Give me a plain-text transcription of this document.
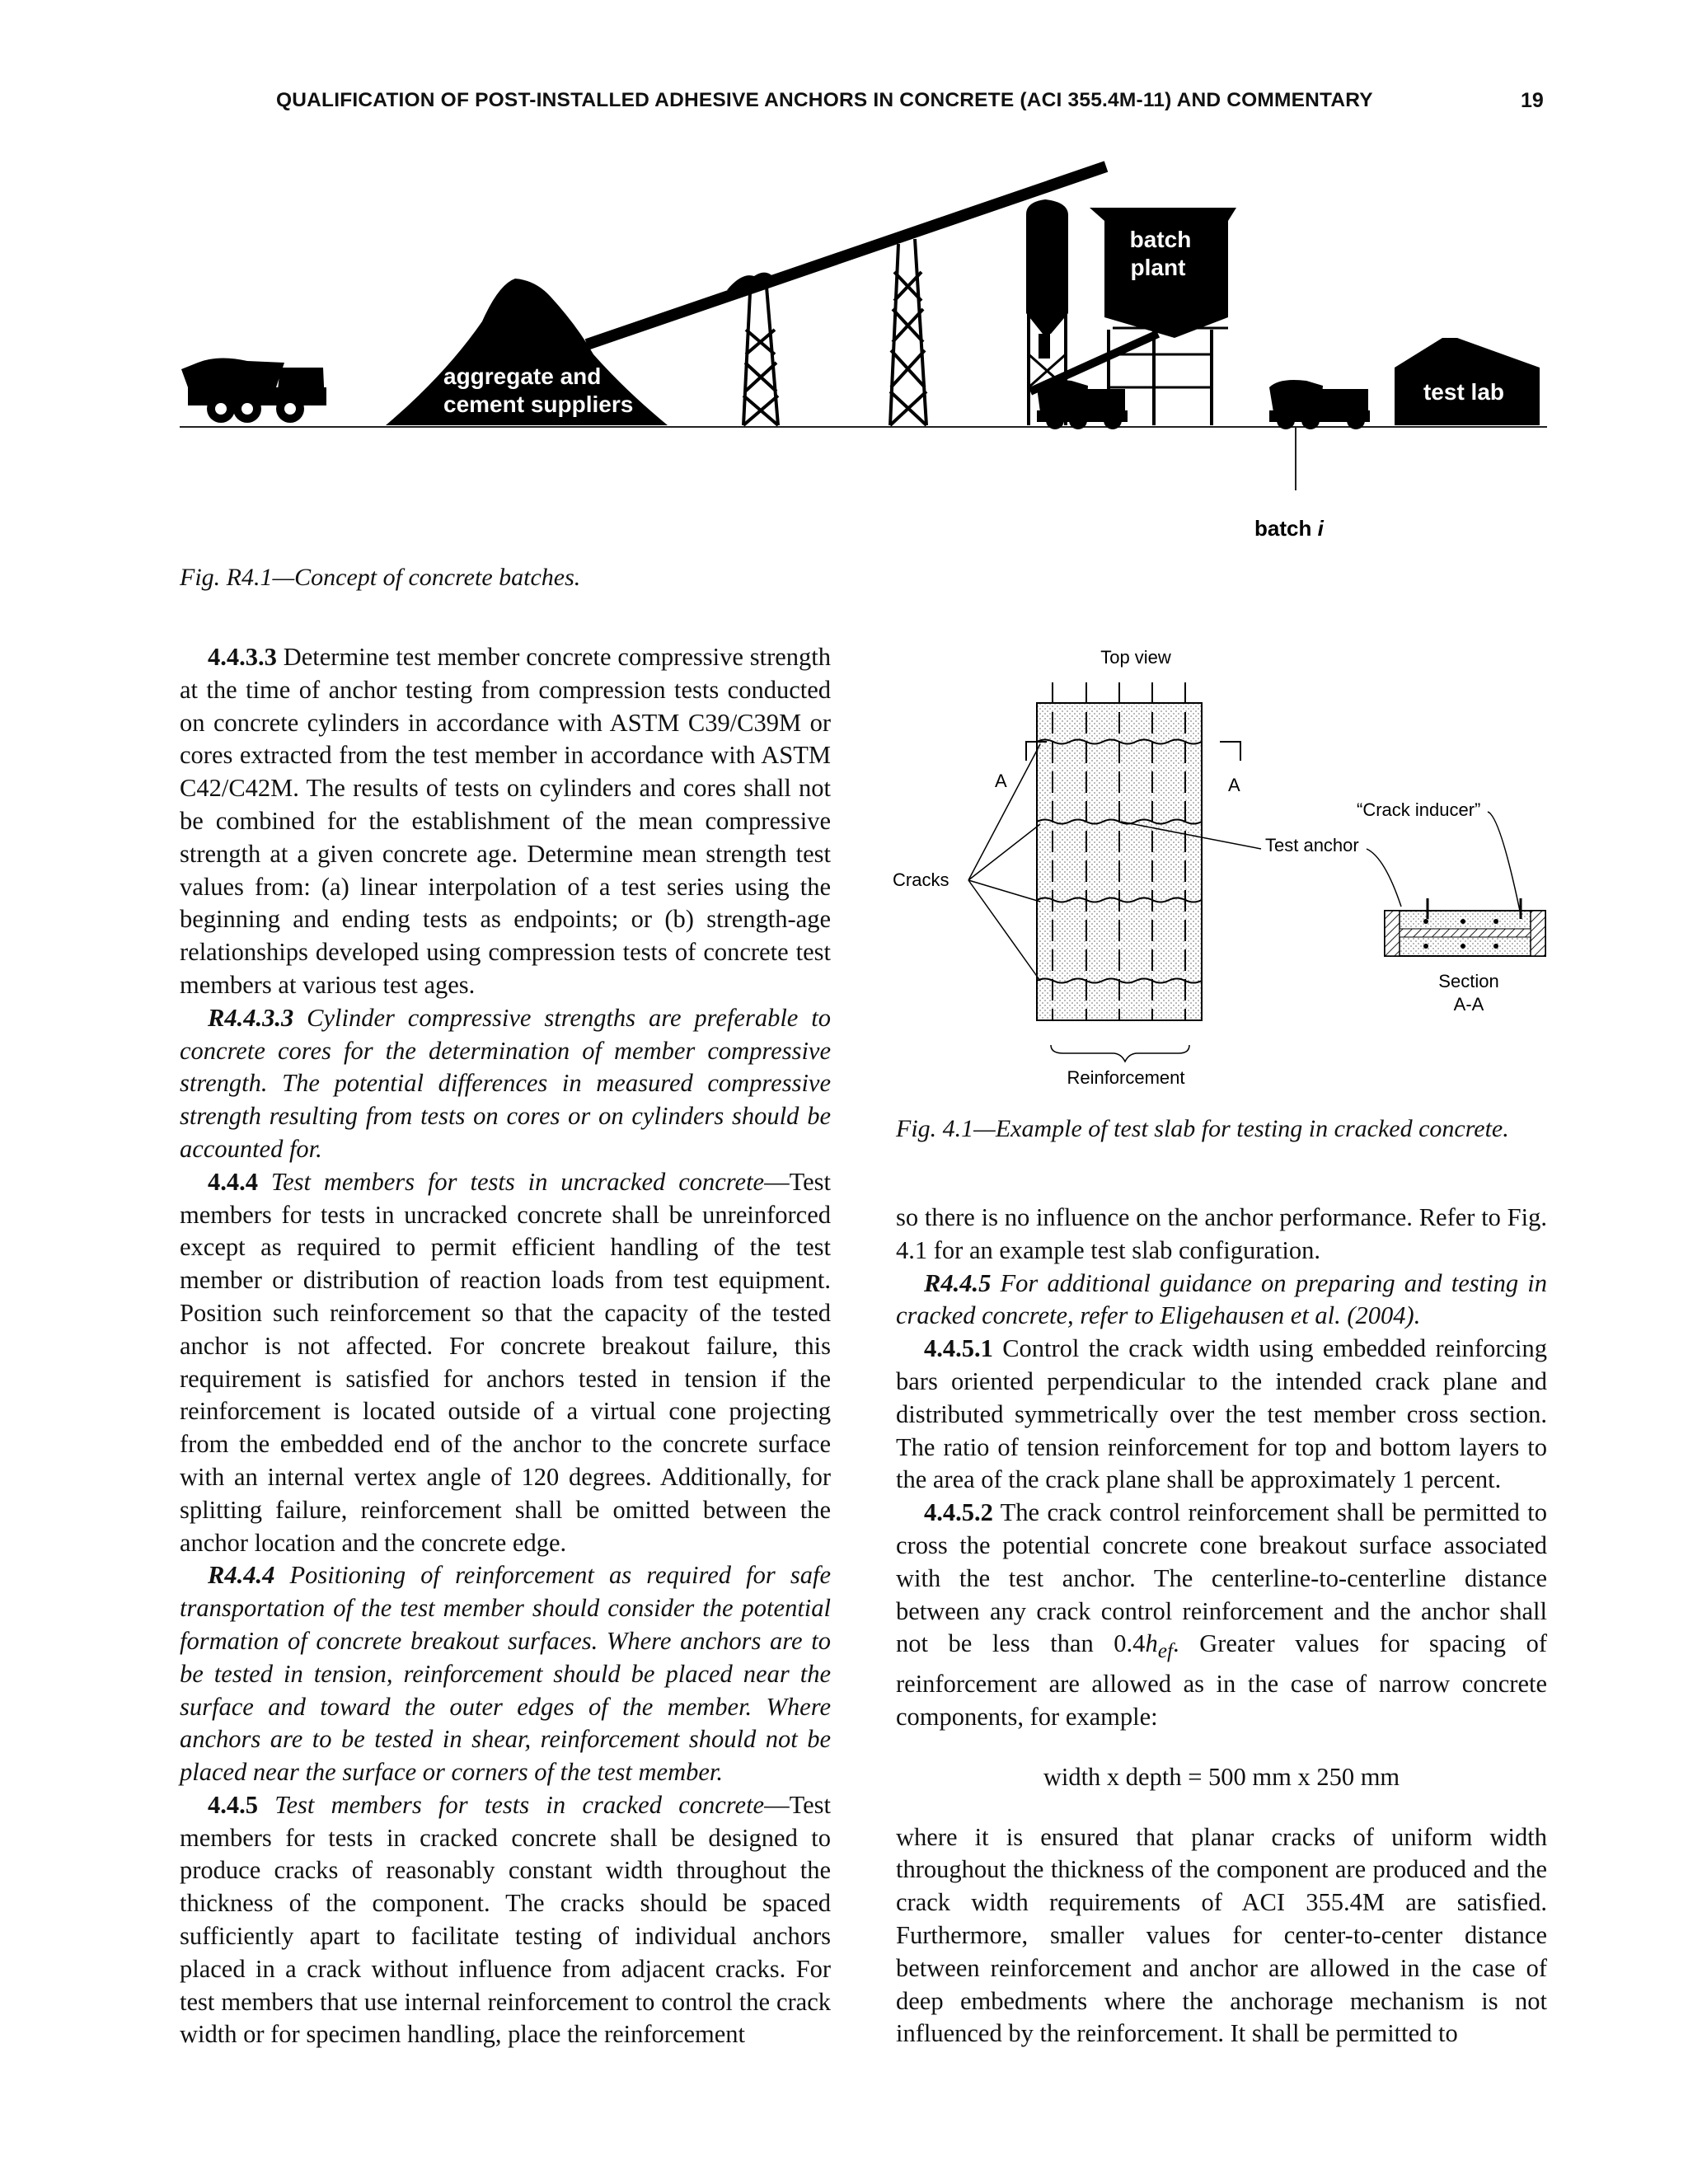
QUALIFICATION OF POST-INSTALLED ADHESIVE ANCHORS IN CONCRETE (ACI 355.4M-11) AND COMMENTARY	19
batch
plant
test lab
aggregate and
cement suppliers
batch i
Fig. R4.1—Concept of concrete batches.
Top view
A	A
Cracks
Test anchor
“Crack inducer”
Section
A-A
Reinforcement
Fig. 4.1—Example of test slab for testing in cracked concrete.

4.4.3.3 Determine test member concrete compressive strength at the time of anchor testing from compression tests conducted on concrete cylinders in accordance with ASTM C39/C39M or cores extracted from the test member in accordance with ASTM C42/C42M. The results of tests on cylinders and cores shall not be combined for the establishment of the mean compressive strength at a given concrete age. Determine mean strength test values from: (a) linear interpolation of a test series using the beginning and ending tests as endpoints; or (b) strength-age relationships developed using compression tests of concrete test members at various test ages.

R4.4.3.3 Cylinder compressive strengths are preferable to concrete cores for the determination of member compressive strength. The potential differences in measured compressive strength resulting from tests on cores or on cylinders should be accounted for.

4.4.4 Test members for tests in uncracked concrete—Test members for tests in uncracked concrete shall be unreinforced except as required to permit efficient handling of the test member or distribution of reaction loads from test equipment. Position such reinforcement so that the capacity of the tested anchor is not affected. For concrete breakout failure, this requirement is satisfied for anchors tested in tension if the reinforcement is located outside of a virtual cone projecting from the embedded end of the anchor to the concrete surface with an internal vertex angle of 120 degrees. Additionally, for splitting failure, reinforcement shall be omitted between the anchor location and the concrete edge.

R4.4.4 Positioning of reinforcement as required for safe transportation of the test member should consider the potential formation of concrete breakout surfaces. Where anchors are to be tested in tension, reinforcement should be placed near the surface and toward the outer edges of the member. Where anchors are to be tested in shear, reinforcement should not be placed near the surface or corners of the test member.

4.4.5 Test members for tests in cracked concrete—Test members for tests in cracked concrete shall be designed to produce cracks of reasonably constant width throughout the thickness of the component. The cracks should be spaced sufficiently apart to facilitate testing of individual anchors placed in a crack without influence from adjacent cracks. For test members that use internal reinforcement to control the crack width or for specimen handling, place the reinforcement

so there is no influence on the anchor performance. Refer to Fig. 4.1 for an example test slab configuration.

R4.4.5 For additional guidance on preparing and testing in cracked concrete, refer to Eligehausen et al. (2004).

4.4.5.1 Control the crack width using embedded reinforcing bars oriented perpendicular to the intended crack plane and distributed symmetrically over the test member cross section. The ratio of tension reinforcement for top and bottom layers to the area of the crack plane shall be approximately 1 percent.

4.4.5.2 The crack control reinforcement shall be permitted to cross the potential concrete cone breakout surface associated with the test anchor. The centerline-to-centerline distance between any crack control reinforcement and the anchor shall not be less than $0.4h_{ef}$. Greater values for spacing of reinforcement are allowed as in the case of narrow concrete components, for example:

width x depth = 500 mm x 250 mm

where it is ensured that planar cracks of uniform width throughout the thickness of the component are produced and the crack width requirements of ACI 355.4M are satisfied. Furthermore, smaller values for center-to-center distance between reinforcement and anchor are allowed in the case of deep embedments where the anchorage mechanism is not influenced by the reinforcement. It shall be permitted to
